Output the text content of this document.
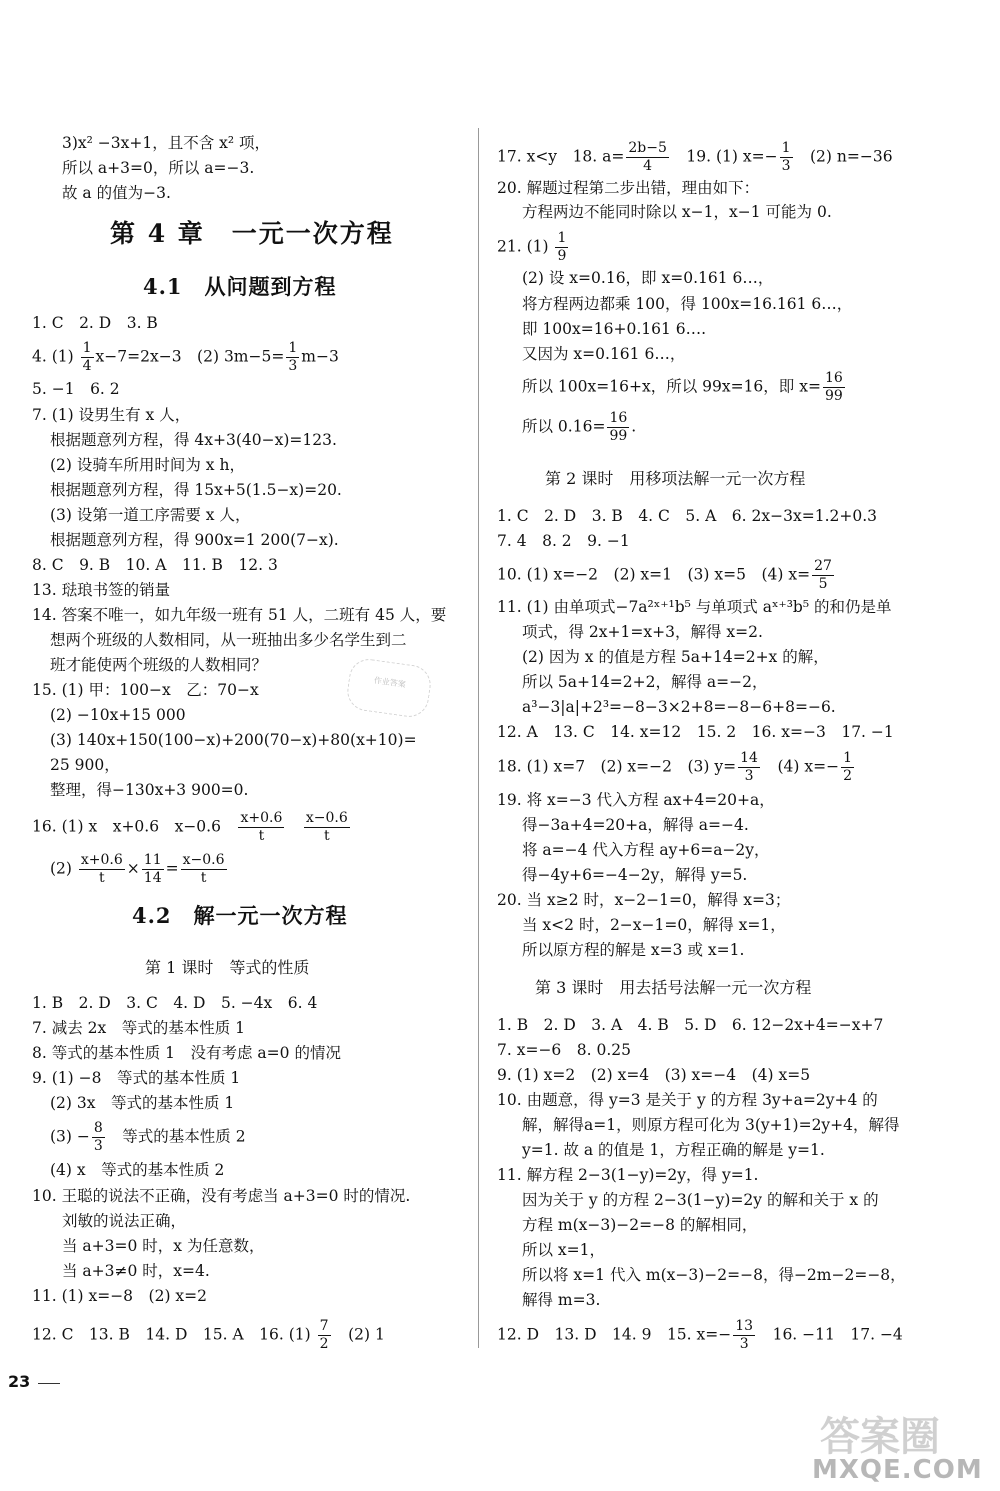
3)x² −3x+1，且不含 x² 项，
所以 a+3=0，所以 a=−3.
故 a 的值为−3.
第 4 章　一元一次方程
4.1　从问题到方程
1. C　2. D　3. B
4. $(1) \frac{1}{4} x-7=2x-3$　(2) $3m-5= \frac{1}{3} m-3$
5. −1　6. 2
7. (1) 设男生有 x 人，
根据题意列方程，得 4x+3(40−x)=123.
(2) 设骑车所用时间为 x h，
根据题意列方程，得 15x+5(1.5−x)=20.
(3) 设第一道工序需要 x 人，
根据题意列方程，得 900x=1 200(7−x).
8. C　9. B　10. A　11. B　12. 3
13. 琺琅书签的销量
14. 答案不唯一，如九年级一班有 51 人，二班有 45 人，要
想两个班级的人数相同，从一班抽出多少名学生到二
班才能使两个班级的人数相同？
作业答案
15. (1) 甲：100−x　乙：70−x
(2) −10x+15 000
(3) 140x+150(100−x)+200(70−x)+80(x+10)=
25 900，
整理，得−130x+3 900=0.
16. (1) x　x+0.6　x−0.6　 $\frac{x+0.6}{t}$
　 $\frac{x-0.6}{t}$
$(2) \frac{x+0.6}{t} \times \frac{11}{14} = \frac{x-0.6}{t}$
4.2　解一元一次方程
第 1 课时　等式的性质
1. B　2. D　3. C　4. D　5. −4x　6. 4
7. 减去 2x　等式的基本性质 1
8. 等式的基本性质 1　没有考虑 a=0 的情况
9. (1) −8　等式的基本性质 1
(2) 3x　等式的基本性质 1
$(3) - \frac{8}{3}$ 　等式的基本性质 2
(4) x　等式的基本性质 2
10. 王聪的说法不正确，没有考虑当 a+3=0 时的情况.
刘敏的说法正确，
当 a+3=0 时，x 为任意数，
当 a+3≠0 时，x=4.
11. (1) x=−8　(2) x=2
12. C　13. B　14. D　15. A　16. $(1) \frac{7}{2}$ 　(2) 1
17. x<y　18. $a= \frac{2b-5}{4}$ 　19. (1) $x=- \frac{1}{3}$ 　(2) n=−36
20. 解题过程第二步出错，理由如下：
方程两边不能同时除以 x−1，x−1 可能为 0.
21. $(1) \frac{1}{9}$
(2) 设 x=0.16，即 x=0.161 6…，
将方程两边都乘 100，得 100x=16.161 6…，
即 100x=16+0.161 6….
又因为 x=0.161 6…，
所以 100x=16+x，所以 99x=16，即 $x= \frac{16}{99}$
所以 $0.16= \frac{16}{99}$ .
第 2 课时　用移项法解一元一次方程
1. C　2. D　3. B　4. C　5. A　6. 2x−3x=1.2+0.3
7. 4　8. 2　9. −1
10. (1) x=−2　(2) x=1　(3) x=5　(4) $x= \frac{27}{5}$
11. (1) 由单项式−7a²ˣ⁺¹b⁵ 与单项式 aˣ⁺³b⁵ 的和仍是单
项式，得 2x+1=x+3，解得 x=2.
(2) 因为 x 的值是方程 5a+14=2+x 的解，
所以 5a+14=2+2，解得 a=−2，
a³−3|a|+2³=−8−3×2+8=−8−6+8=−6.
12. A　13. C　14. x=12　15. 2　16. x=−3　17. −1
18. (1) x=7　(2) x=−2　(3) $y= \frac{14}{3}$ 　(4) $x=- \frac{1}{2}$
19. 将 x=−3 代入方程 ax+4=20+a，
得−3a+4=20+a，解得 a=−4.
将 a=−4 代入方程 ay+6=a−2y，
得−4y+6=−4−2y，解得 y=5.
20. 当 x≥2 时，x−2−1=0，解得 x=3；
当 x<2 时，2−x−1=0，解得 x=1，
所以原方程的解是 x=3 或 x=1.
第 3 课时　用去括号法解一元一次方程
1. B　2. D　3. A　4. B　5. D　6. 12−2x+4=−x+7
7. x=−6　8. 0.25
9. (1) x=2　(2) x=4　(3) x=−4　(4) x=5
10. 由题意，得 y=3 是关于 y 的方程 3y+a=2y+4 的
解，解得a=1，则原方程可化为 3(y+1)=2y+4，解得
y=1. 故 a 的值是 1，方程正确的解是 y=1.
11. 解方程 2−3(1−y)=2y，得 y=1.
因为关于 y 的方程 2−3(1−y)=2y 的解和关于 x 的
方程 m(x−3)−2=−8 的解相同，
所以 x=1，
所以将 x=1 代入 m(x−3)−2=−8，得−2m−2=−8，
解得 m=3.
12. D　13. D　14. 9　15. $x=- \frac{13}{3}$ 　16. −11　17. −4
23
答案圈
MXQE.COM
